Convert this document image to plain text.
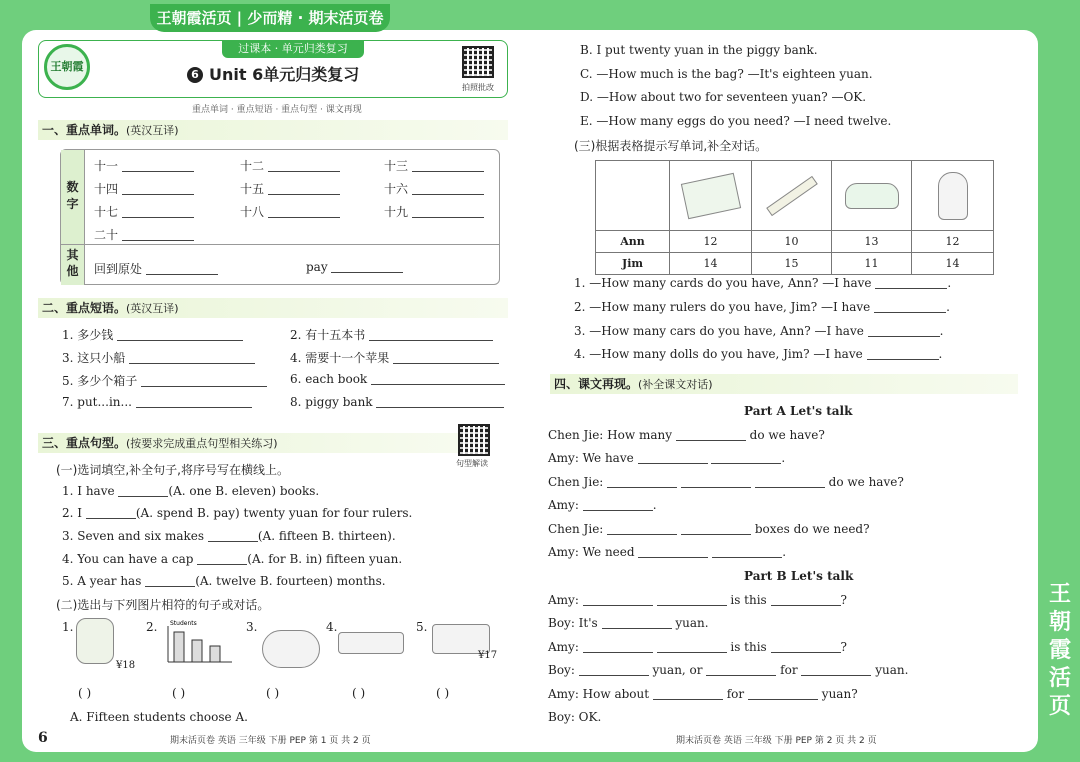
王朝霞活页 | 少而精 · 期末活页卷
王朝霞活页
王朝霞
过课本 · 单元归类复习
6 Unit 6单元归类复习
拍照批改
重点单词 · 重点短语 · 重点句型 · 课文再现
一、重点单词。(英汉互译)
数字
其他
十一	十二	十三
十四	十五	十六
十七	十八	十九
二十
回到原处	pay
二、重点短语。(英汉互译)
1. 多少钱	2. 有十五本书
3. 这只小船	4. 需要十一个苹果
5. 多少个箱子	6. each book
7. put...in...	8. piggy bank
三、重点句型。(按要求完成重点句型相关练习)
句型解读
(一)选词填空,补全句子,将序号写在横线上。
1. I have	(A. one B. eleven) books.
2. I	(A. spend B. pay) twenty yuan for four rulers.
3. Seven and six makes	(A. fifteen B. thirteen).
4. You can have a cap	(A. for B. in) fifteen yuan.
5. A year has	(A. twelve B. fourteen) months.
(二)选出与下列图片相符的句子或对话。
1.
¥18
2. Students	3.	4.	5.
¥17
( )	( )	( )	( )	( )
A. Fifteen students choose A.
6	期末活页卷 英语 三年级 下册 PEP 第 1 页 共 2 页
B. I put twenty yuan in the piggy bank.
C. —How much is the bag? —It's eighteen yuan.
D. —How about two for seventeen yuan? —OK.
E. —How many eggs do you need? —I need twelve.
(三)根据表格提示写单词,补全对话。

Ann	12	10	13	12
Jim	14	15	11	14
1. —How many cards do you have, Ann? —I have	.
2. —How many rulers do you have, Jim? —I have	.
3. —How many cars do you have, Ann? —I have	.
4. —How many dolls do you have, Jim? —I have	.
四、课文再现。(补全课文对话)
Part A Let's talk
Chen Jie: How many	do we have?
Amy: We have	.
Chen Jie:	do we have?
Amy:	.
Chen Jie:	boxes do we need?
Amy: We need	.
Part B Let's talk
Amy:	is this	?
Boy: It's	yuan.
Amy:	is this	?
Boy:	yuan, or	for	yuan.
Amy: How about	for	yuan?
Boy: OK.
期末活页卷 英语 三年级 下册 PEP 第 2 页 共 2 页
